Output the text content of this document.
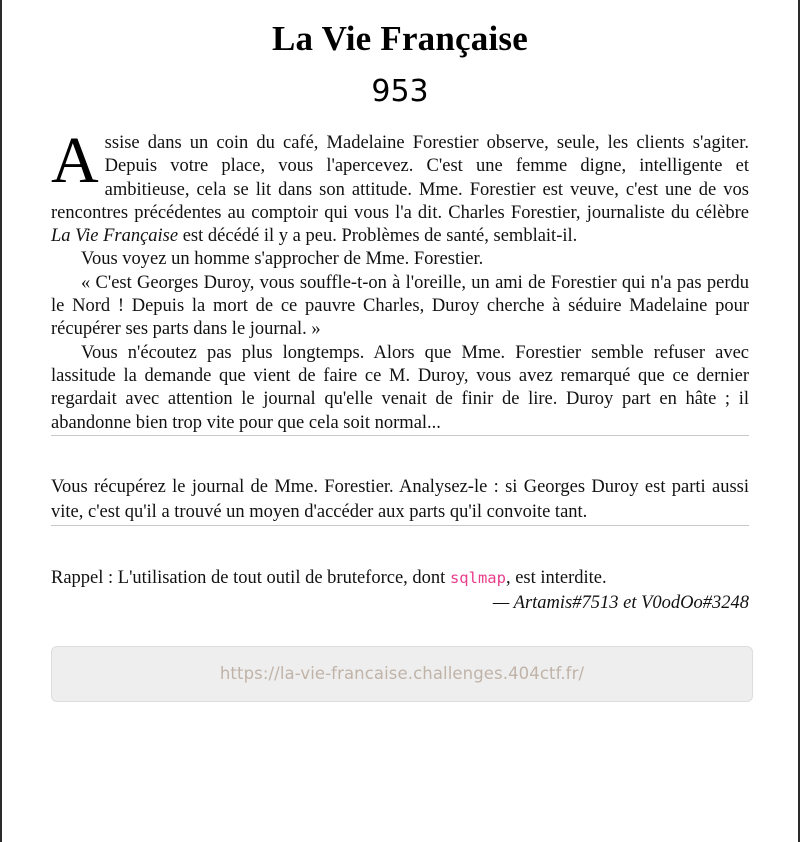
La Vie Française
953

A ssise dans un coin du café, Madelaine Forestier observe, seule, les clients s'agiter. Depuis votre place, vous l'apercevez. C'est une femme digne, intelligente et ambitieuse, cela se lit dans son attitude. Mme. Forestier est veuve, c'est une de vos rencontres précédentes au comptoir qui vous l'a dit. Charles Forestier, journaliste du célèbre La Vie Française est décédé il y a peu. Problèmes de santé, semblait-il.

Vous voyez un homme s'approcher de Mme. Forestier.

« C'est Georges Duroy, vous souffle-t-on à l'oreille, un ami de Forestier qui n'a pas perdu le Nord ! Depuis la mort de ce pauvre Charles, Duroy cherche à séduire Madelaine pour récupérer ses parts dans le journal. »

Vous n'écoutez pas plus longtemps. Alors que Mme. Forestier semble refuser avec lassitude la demande que vient de faire ce M. Duroy, vous avez remarqué que ce dernier regardait avec attention le journal qu'elle venait de finir de lire. Duroy part en hâte ; il abandonne bien trop vite pour que cela soit normal...

Vous récupérez le journal de Mme. Forestier. Analysez-le : si Georges Duroy est parti aussi vite, c'est qu'il a trouvé un moyen d'accéder aux parts qu'il convoite tant.

Rappel : L'utilisation de tout outil de bruteforce, dont sqlmap, est interdite.

— Artamis#7513 et V0odOo#3248

https://la-vie-francaise.challenges.404ctf.fr/
